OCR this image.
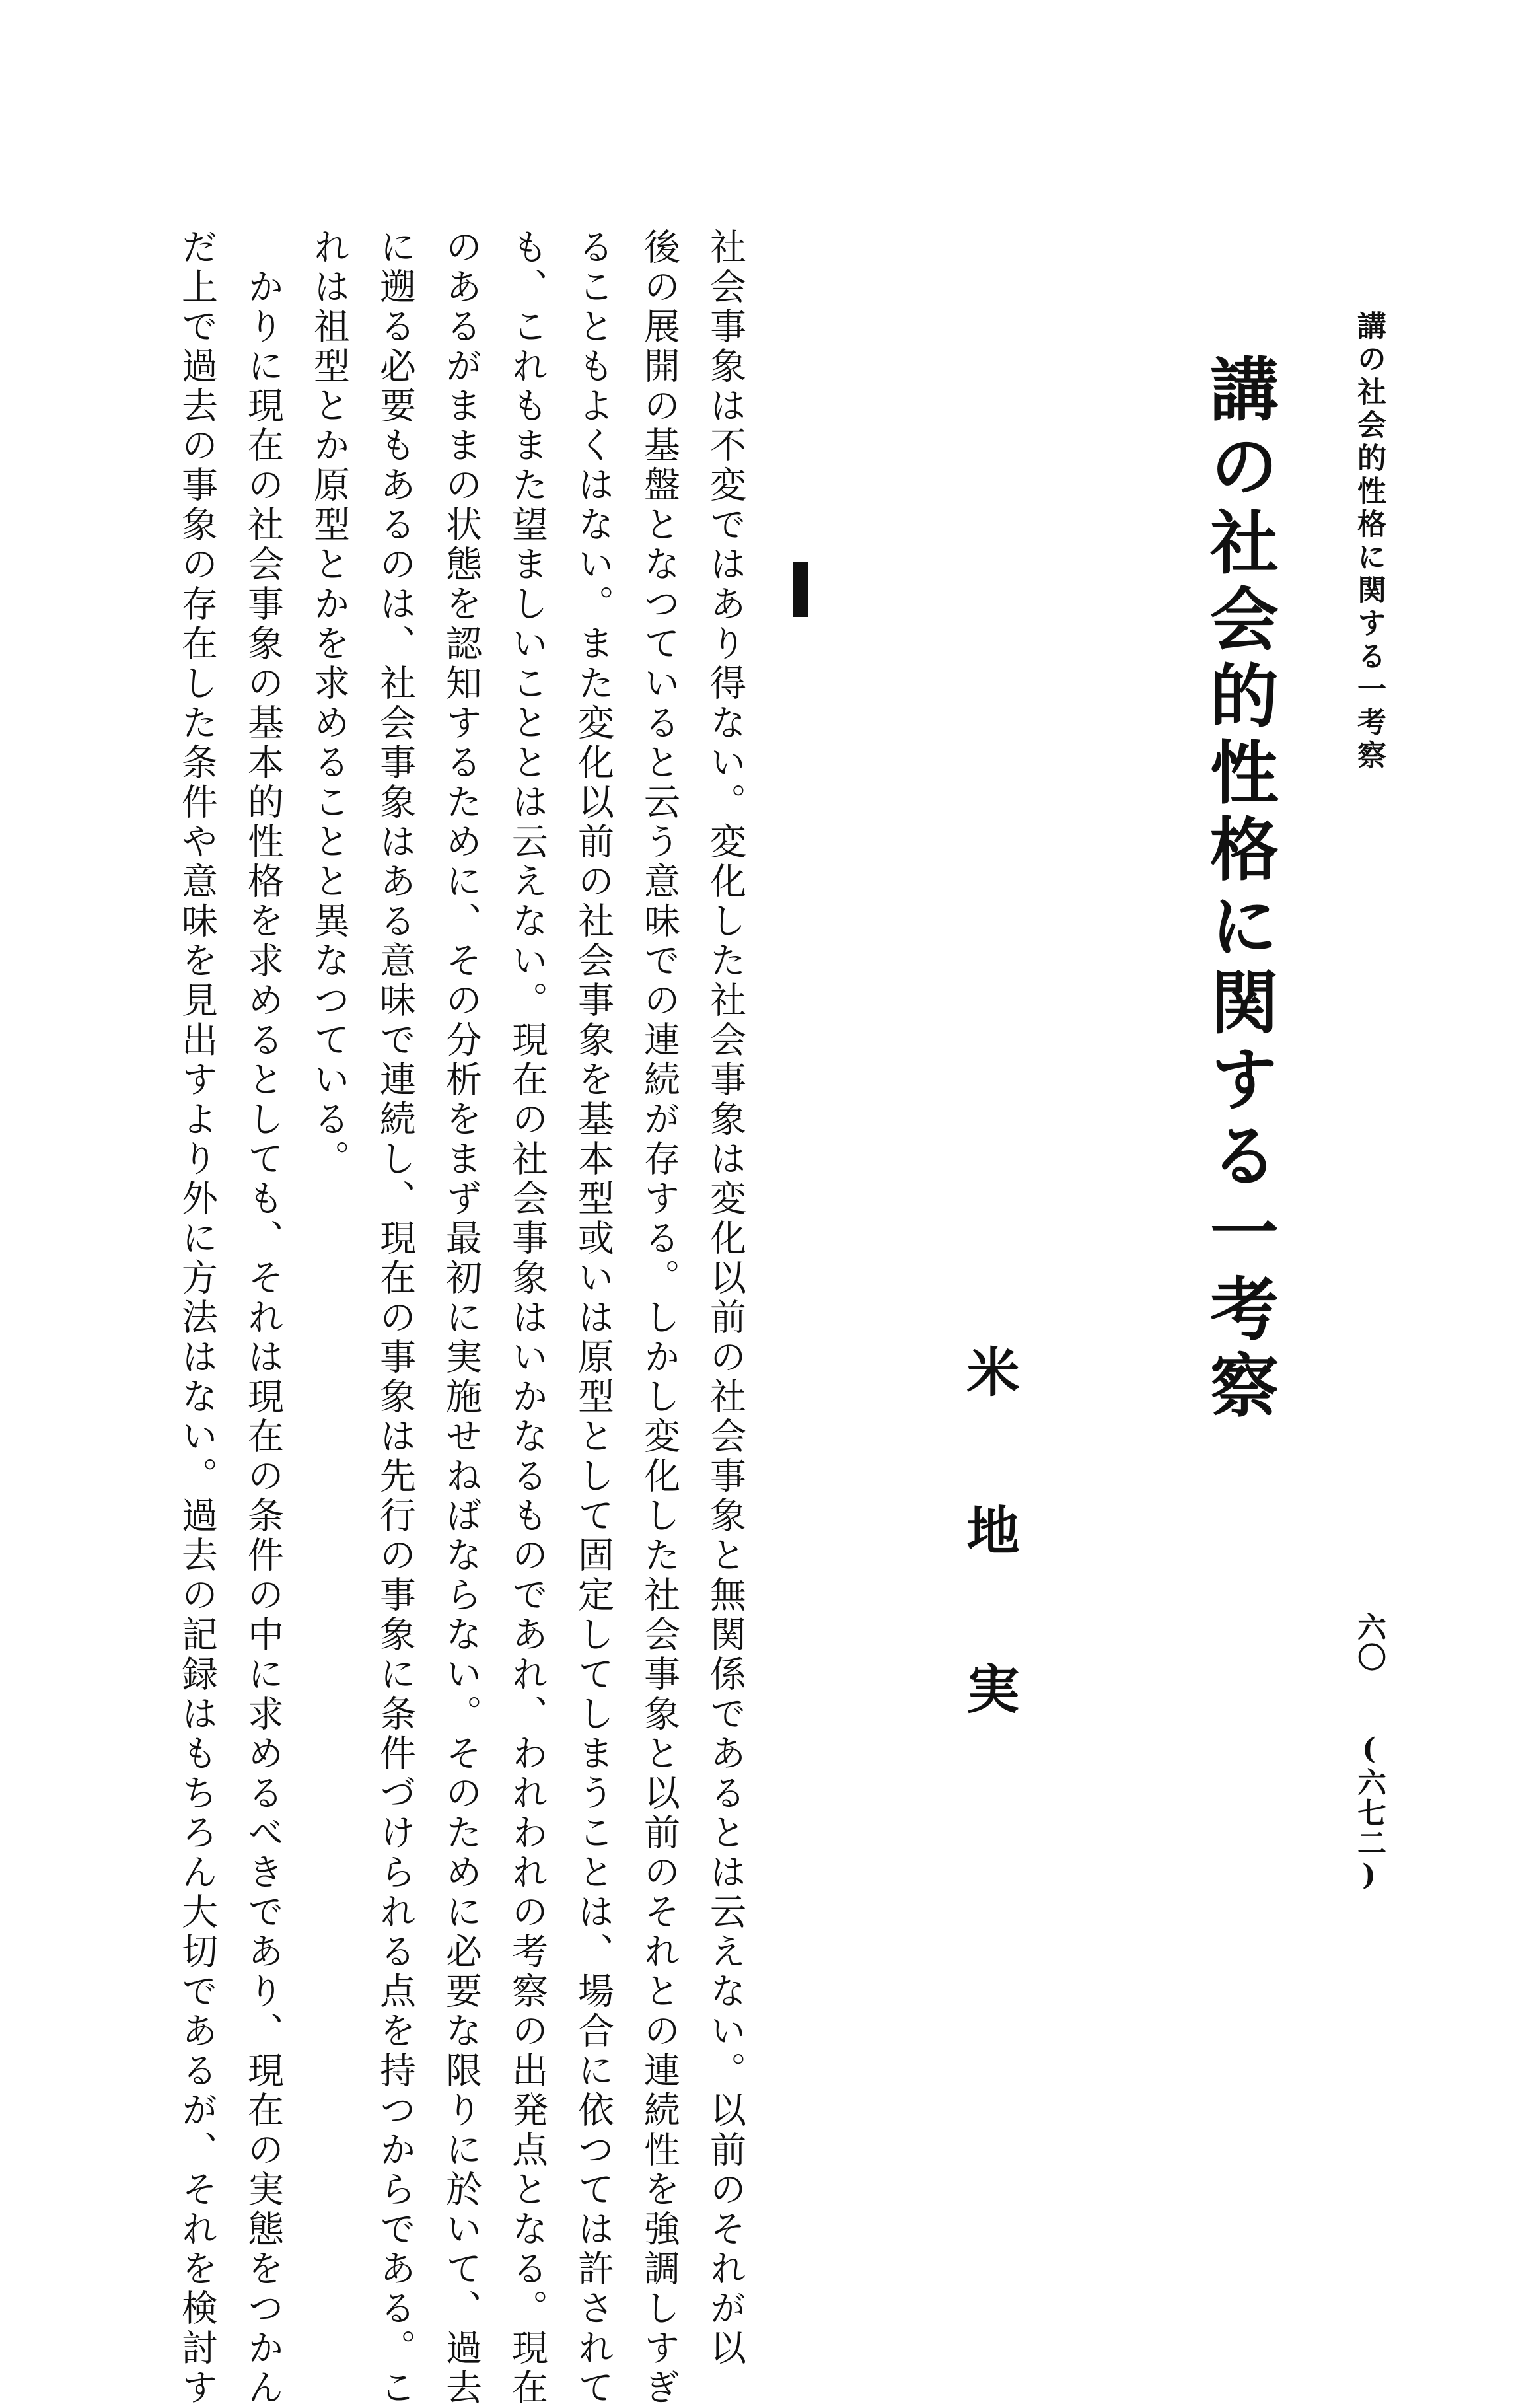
講の社会的性格に関する一考察
六〇(六七二)
講の社会的性格に関する一考察
米地実
社会事象は不変ではあり得ない。変化した社会事象は変化以前の社会事象と無関係であるとは云えない。以前のそれが以
後の展開の基盤となつていると云う意味での連続が存する。しかし変化した社会事象と以前のそれとの連続性を強調しすぎ
ることもよくはない。また変化以前の社会事象を基本型或いは原型として固定してしまうことは、場合に依つては許されて
も、これもまた望ましいこととは云えない。現在の社会事象はいかなるものであれ、われわれの考察の出発点となる。現在
のあるがままの状態を認知するために、その分析をまず最初に実施せねばならない。そのために必要な限りに於いて、過去
に遡る必要もあるのは、社会事象はある意味で連続し、現在の事象は先行の事象に条件づけられる点を持つからである。こ
れは祖型とか原型とかを求めることと異なつている。
かりに現在の社会事象の基本的性格を求めるとしても、それは現在の条件の中に求めるべきであり、現在の実態をつかん
だ上で過去の事象の存在した条件や意味を見出すより外に方法はない。過去の記録はもちろん大切であるが、それを検討す
